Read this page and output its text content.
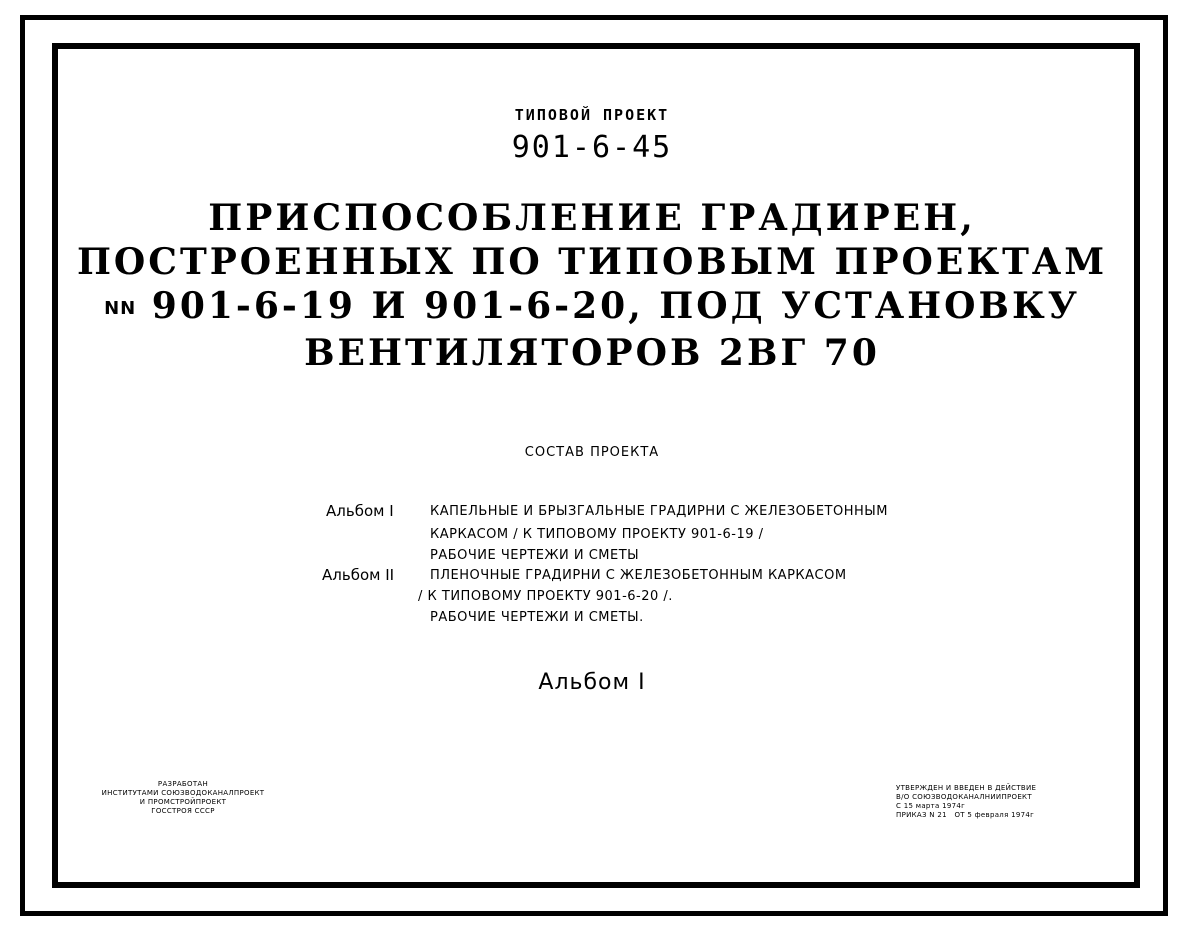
ТИПОВОЙ ПРОЕКТ
901-6-45
ПРИСПОСОБЛЕНИЕ ГРАДИРЕН,
ПОСТРОЕННЫХ ПО ТИПОВЫМ ПРОЕКТАМ
NN 901-6-19 И 901-6-20, ПОД УСТАНОВКУ
ВЕНТИЛЯТОРОВ 2ВГ 70
СОСТАВ ПРОЕКТА
Альбом I	КАПЕЛЬНЫЕ И БРЫЗГАЛЬНЫЕ ГРАДИРНИ С ЖЕЛЕЗОБЕТОННЫМ
КАРКАСОМ / К ТИПОВОМУ ПРОЕКТУ 901-6-19 /
РАБОЧИЕ ЧЕРТЕЖИ И СМЕТЫ
Альбом II	ПЛЕНОЧНЫЕ ГРАДИРНИ С ЖЕЛЕЗОБЕТОННЫМ КАРКАСОМ
/ К ТИПОВОМУ ПРОЕКТУ 901-6-20 /.
РАБОЧИЕ ЧЕРТЕЖИ И СМЕТЫ.
Альбом I
РАЗРАБОТАН
ИНСТИТУТАМИ СОЮЗВОДОКАНАЛПРОЕКТ
И ПРОМСТРОЙПРОЕКТ
ГОССТРОЯ СССР
УТВЕРЖДЕН И ВВЕДЕН В ДЕЙСТВИЕ
В/О СОЮЗВОДОКАНАЛНИИПРОЕКТ
С 15 марта 1974г
ПРИКАЗ N 21 ОТ 5 февраля 1974г
